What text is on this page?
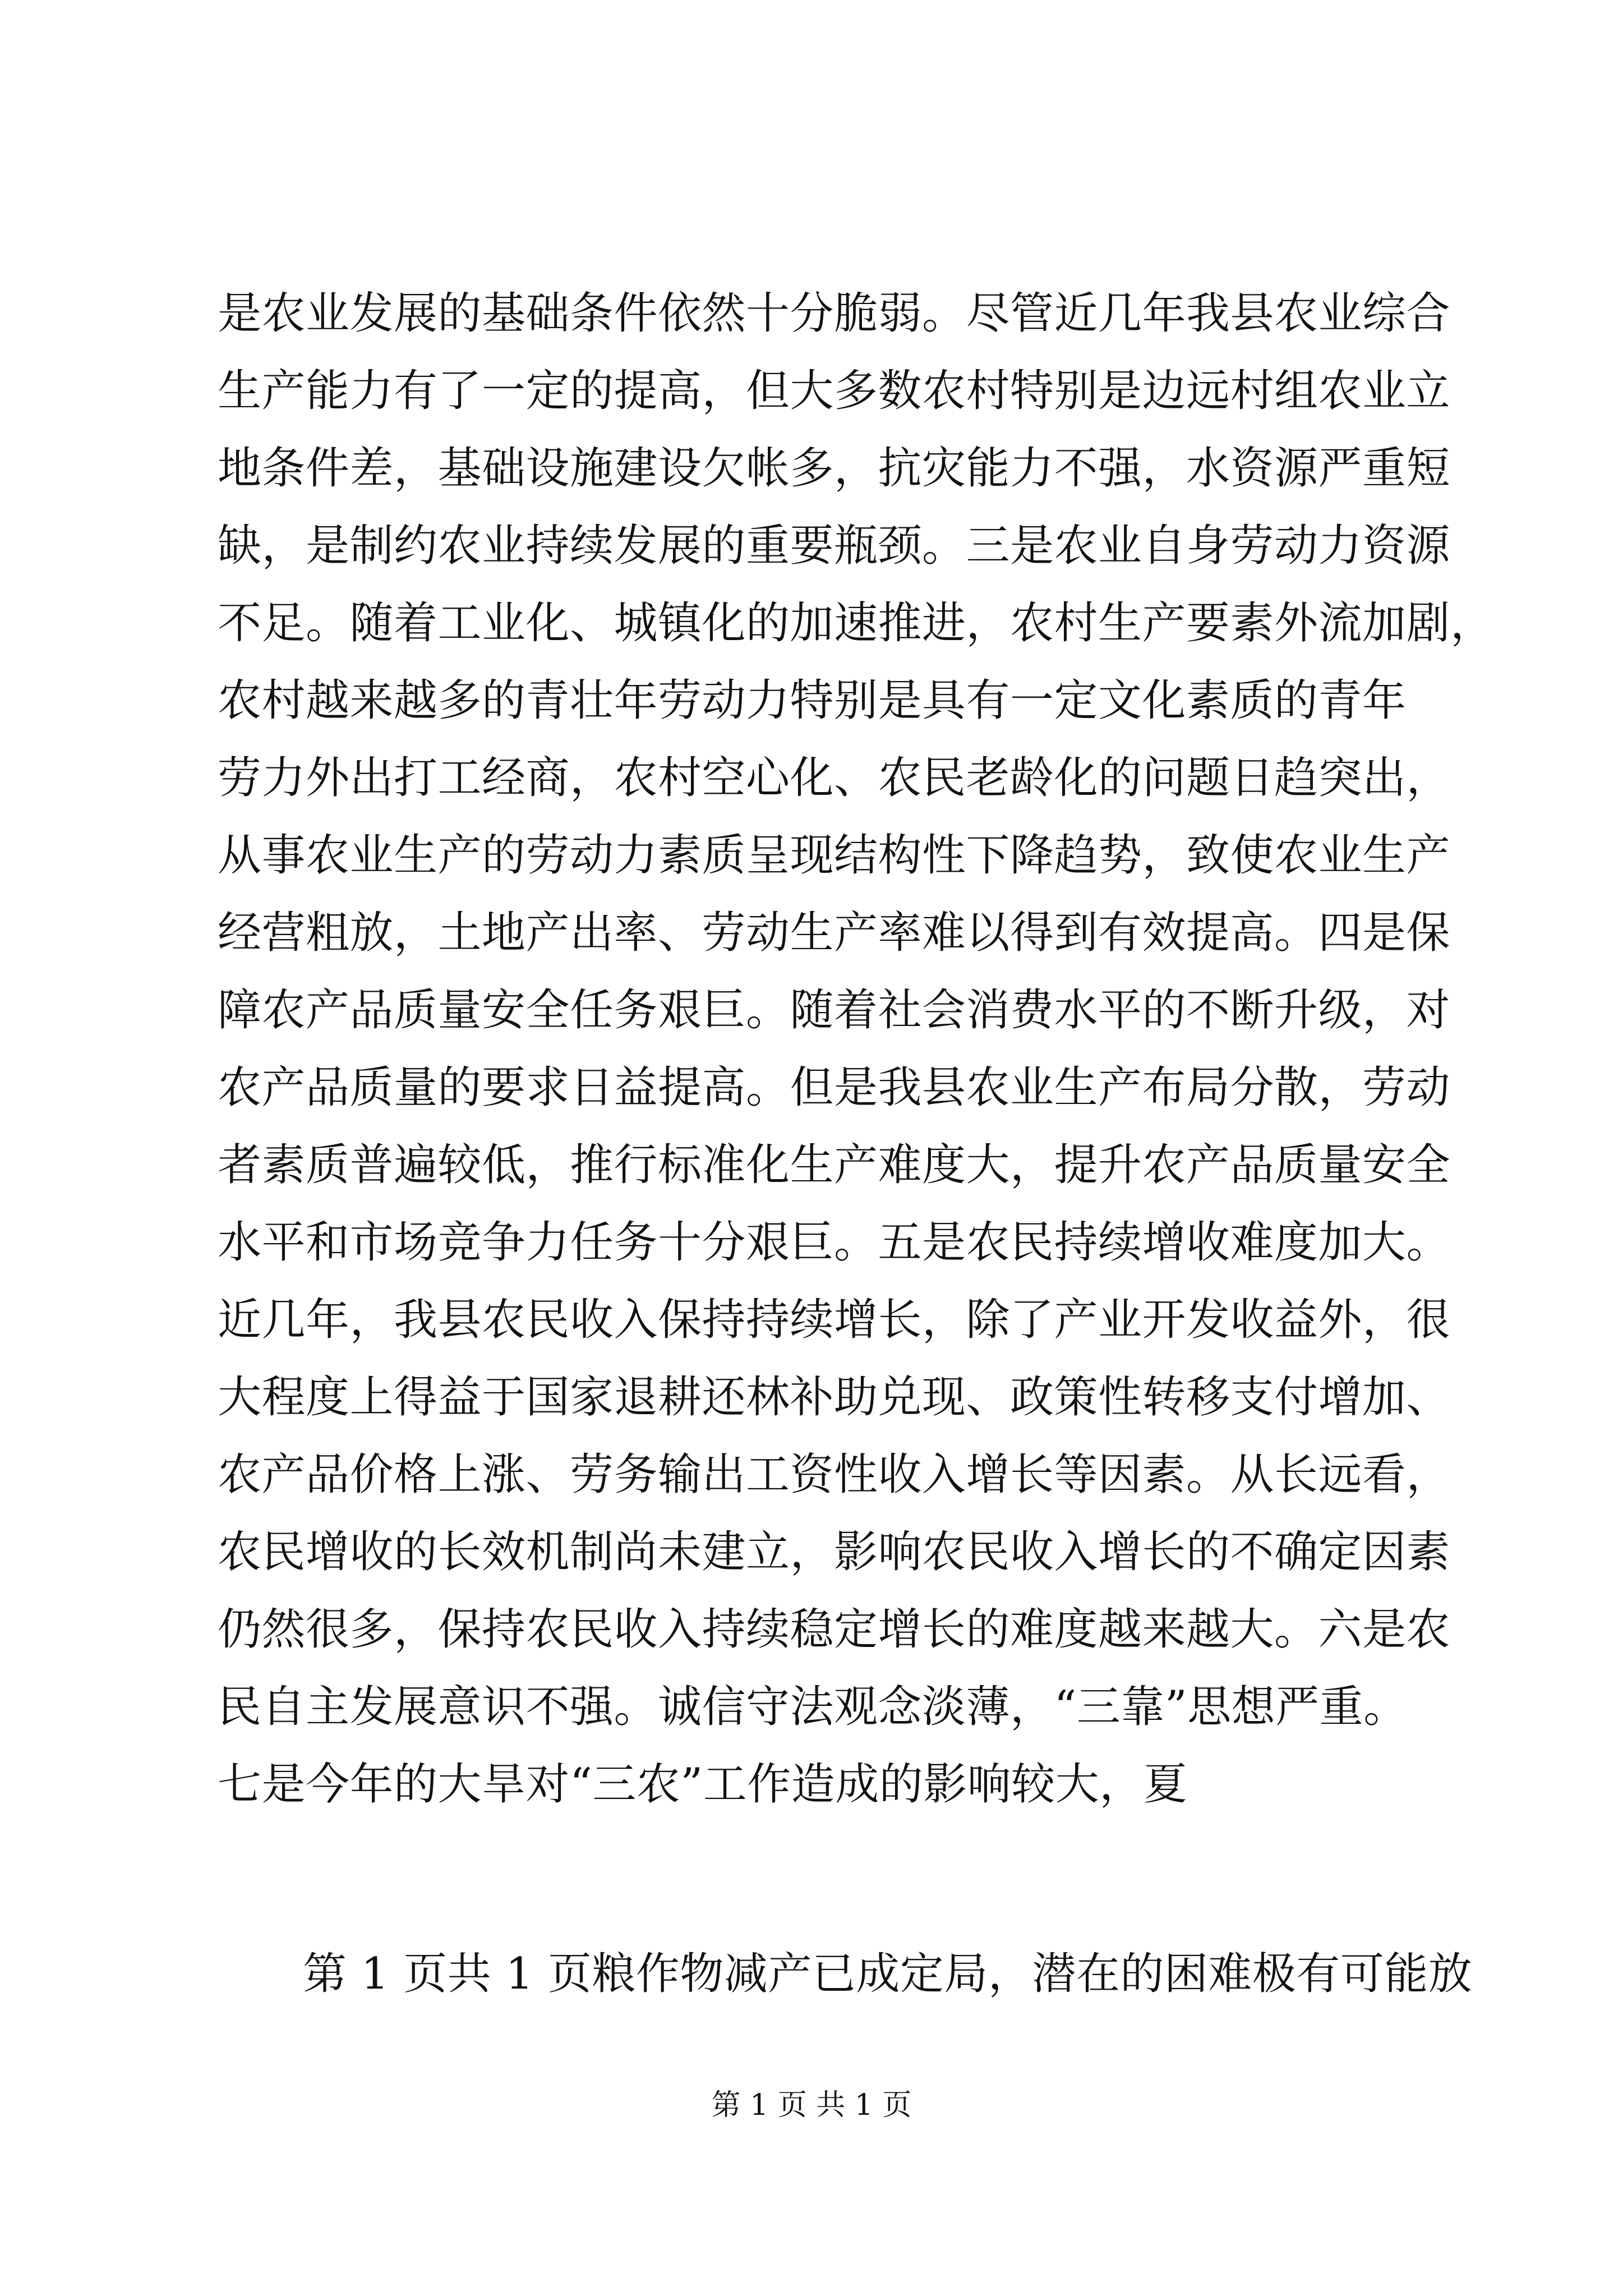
是农业发展的基础条件依然十分脆弱。尽管近几年我县农业综合
生产能力有了一定的提高，但大多数农村特别是边远村组农业立
地条件差，基础设施建设欠帐多，抗灾能力不强，水资源严重短
缺，是制约农业持续发展的重要瓶颈。三是农业自身劳动力资源
不足。随着工业化、城镇化的加速推进，农村生产要素外流加剧，
农村越来越多的青壮年劳动力特别是具有一定文化素质的青年
劳力外出打工经商，农村空心化、农民老龄化的问题日趋突出，
从事农业生产的劳动力素质呈现结构性下降趋势，致使农业生产
经营粗放，土地产出率、劳动生产率难以得到有效提高。四是保
障农产品质量安全任务艰巨。随着社会消费水平的不断升级，对
农产品质量的要求日益提高。但是我县农业生产布局分散，劳动
者素质普遍较低，推行标准化生产难度大，提升农产品质量安全
水平和市场竞争力任务十分艰巨。五是农民持续增收难度加大。
近几年，我县农民收入保持持续增长，除了产业开发收益外，很
大程度上得益于国家退耕还林补助兑现、政策性转移支付增加、
农产品价格上涨、劳务输出工资性收入增长等因素。从长远看，
农民增收的长效机制尚未建立，影响农民收入增长的不确定因素
仍然很多，保持农民收入持续稳定增长的难度越来越大。六是农
民自主发展意识不强。诚信守法观念淡薄，“三靠”思想严重。
七是今年的大旱对“三农”工作造成的影响较大，夏
第 1 页共 1 页粮作物减产已成定局，潜在的困难极有可能放
第 1 页 共 1 页
